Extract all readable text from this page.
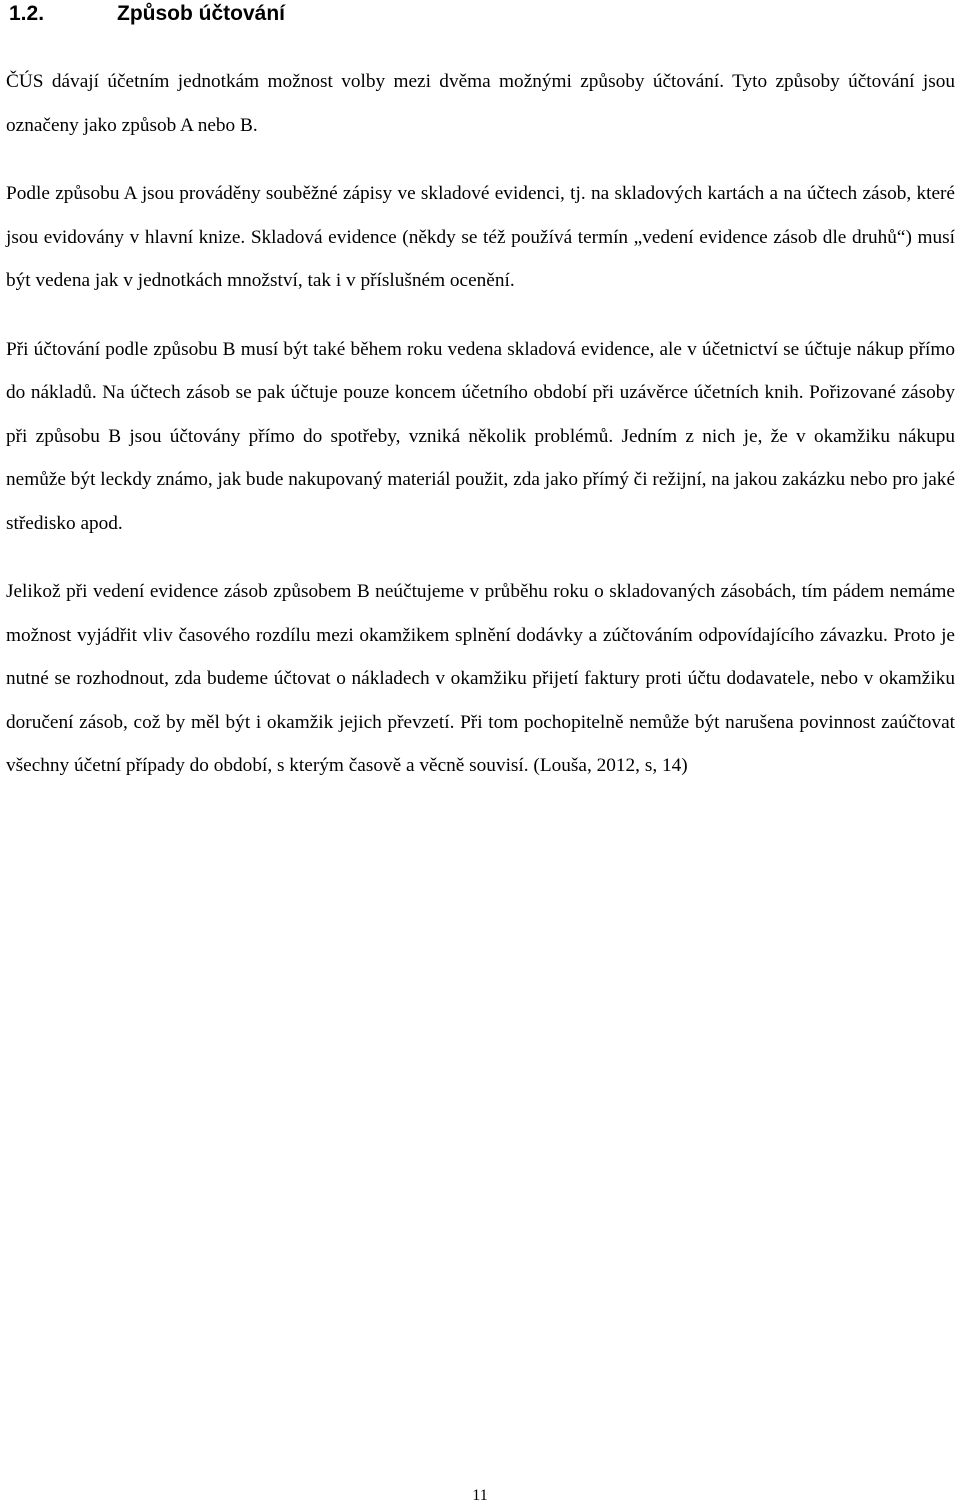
1.2.	Způsob účtování

ČÚS dávají účetním jednotkám možnost volby mezi dvěma možnými způsoby účtování. Tyto způsoby účtování jsou označeny jako způsob A nebo B.

Podle způsobu A jsou prováděny souběžné zápisy ve skladové evidenci, tj. na skladových kartách a na účtech zásob, které jsou evidovány v hlavní knize. Skladová evidence (někdy se též používá termín „vedení evidence zásob dle druhů“) musí být vedena jak v jednotkách množství, tak i v příslušném ocenění.

Při účtování podle způsobu B musí být také během roku vedena skladová evidence, ale v účetnictví se účtuje nákup přímo do nákladů. Na účtech zásob se pak účtuje pouze koncem účetního období při uzávěrce účetních knih. Pořizované zásoby při způsobu B jsou účtovány přímo do spotřeby, vzniká několik problémů. Jedním z nich je, že v okamžiku nákupu nemůže být leckdy známo, jak bude nakupovaný materiál použit, zda jako přímý či režijní, na jakou zakázku nebo pro jaké středisko apod.

Jelikož při vedení evidence zásob způsobem B neúčtujeme v průběhu roku o skladovaných zásobách, tím pádem nemáme možnost vyjádřit vliv časového rozdílu mezi okamžikem splnění dodávky a zúčtováním odpovídajícího závazku. Proto je nutné se rozhodnout, zda budeme účtovat o nákladech v okamžiku přijetí faktury proti účtu dodavatele, nebo v okamžiku doručení zásob, což by měl být i okamžik jejich převzetí. Při tom pochopitelně nemůže být narušena povinnost zaúčtovat všechny účetní případy do období, s kterým časově a věcně souvisí. (Louša, 2012, s, 14)

11
